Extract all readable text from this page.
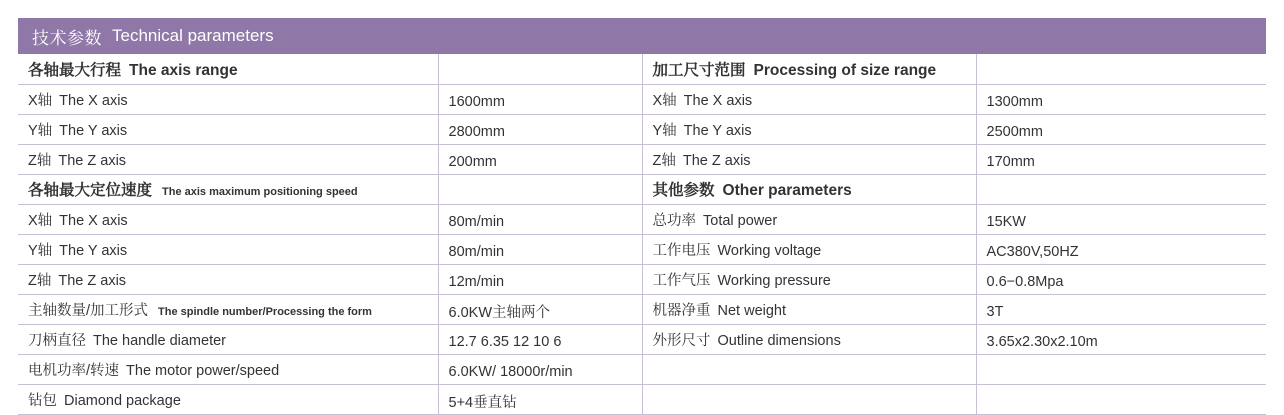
技术参数 Technical parameters
各轴最大行程 The axis range		加工尺寸范围 Processing of size range	
X轴 The X axis	1600mm	X轴 The X axis	1300mm
Y轴 The Y axis	2800mm	Y轴 The Y axis	2500mm
Z轴 The Z axis	200mm	Z轴 The Z axis	170mm
各轴最大定位速度 The axis maximum positioning speed		其他参数 Other parameters	
X轴 The X axis	80m/min	总功率 Total power	15KW
Y轴 The Y axis	80m/min	工作电压 Working voltage	AC380V,50HZ
Z轴 The Z axis	12m/min	工作气压 Working pressure	0.6−0.8Mpa
主轴数量/加工形式 The spindle number/Processing the form	6.0KW主轴两个	机器净重 Net weight	3T
刀柄直径 The handle diameter	12.7 6.35 12 10 6	外形尺寸 Outline dimensions	3.65x2.30x2.10m
电机功率/转速 The motor power/speed	6.0KW/ 18000r/min		
钻包 Diamond package	5+4垂直钻		
